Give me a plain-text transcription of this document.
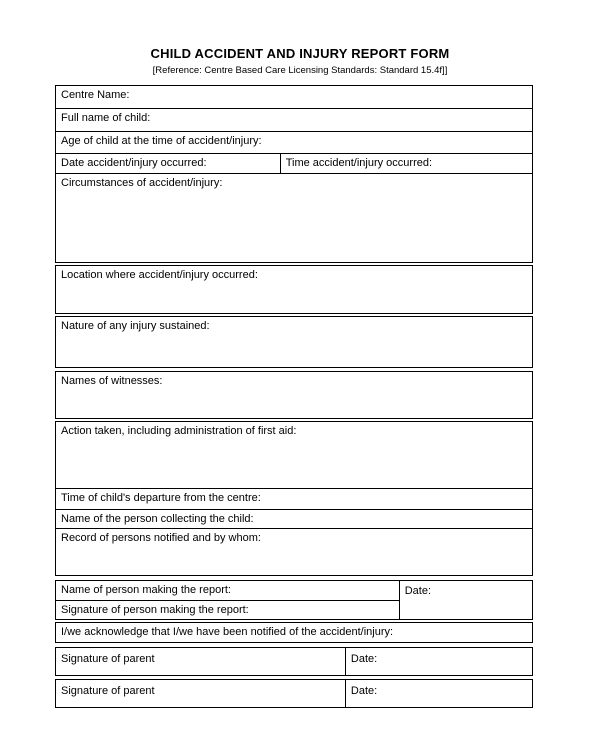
CHILD ACCIDENT AND INJURY REPORT FORM
[Reference: Centre Based Care Licensing Standards: Standard 15.4f]]
Centre Name:
Full name of child:
Age of child at the time of accident/injury:
Date accident/injury occurred:	Time accident/injury occurred:
Circumstances of accident/injury:
Location where accident/injury occurred:
Nature of any injury sustained:
Names of witnesses:
Action taken, including administration of first aid:
Time of child's departure from the centre:
Name of the person collecting the child:
Record of persons notified and by whom:
Name of person making the report:
Signature of person making the report:
Date:
I/we acknowledge that I/we have been notified of the accident/injury:
Signature of parent	Date:
Signature of parent	Date:
